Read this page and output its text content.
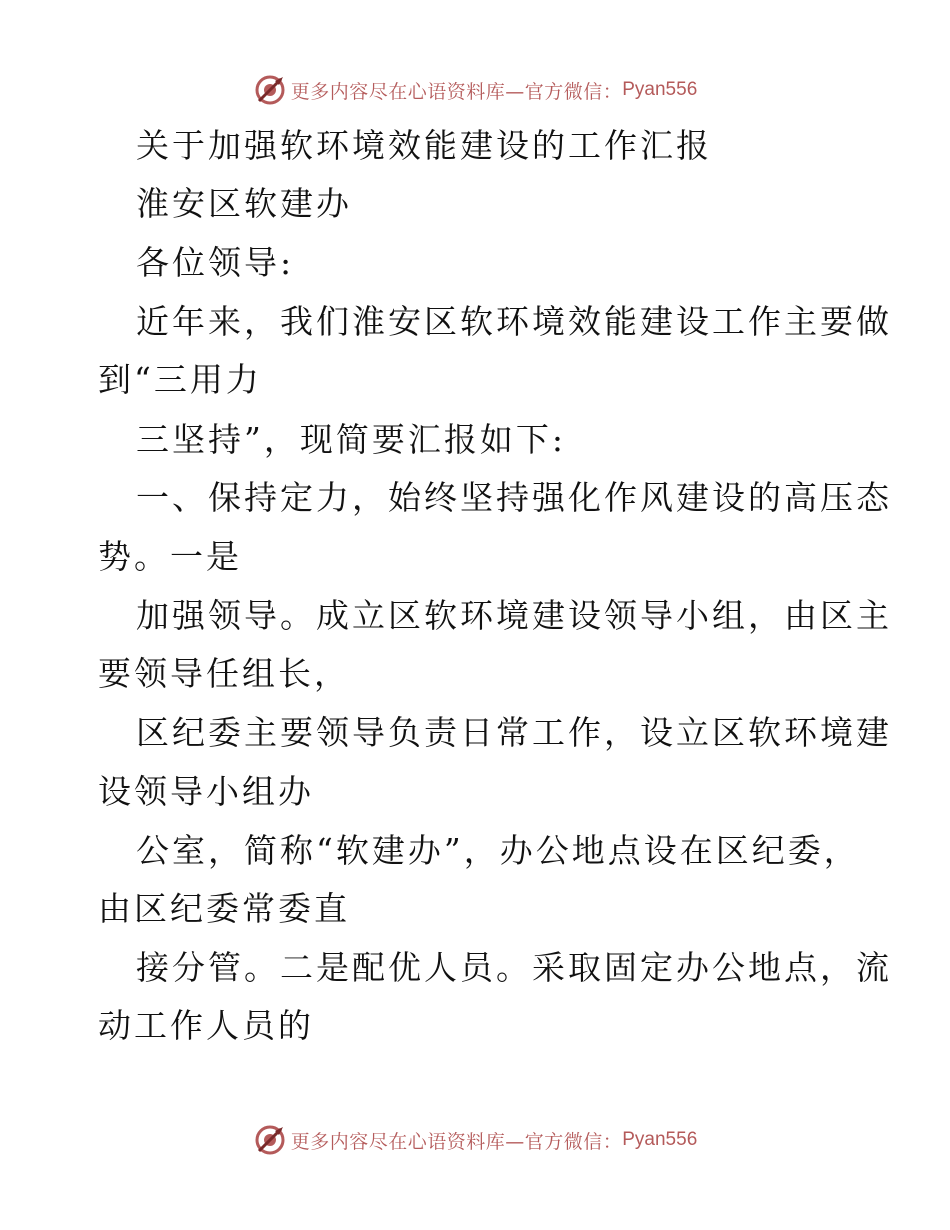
更多内容尽在心语资料库—官方微信： Pyan556
关于加强软环境效能建设的工作汇报
淮安区软建办
各位领导:
近年来，我们淮安区软环境效能建设工作主要做
到“三用力
三坚持”，现简要汇报如下:
一、保持定力，始终坚持强化作风建设的高压态
势。一是
加强领导。成立区软环境建设领导小组，由区主
要领导任组长，
区纪委主要领导负责日常工作，设立区软环境建
设领导小组办
公室，简称“软建办”，办公地点设在区纪委，
由区纪委常委直
接分管。二是配优人员。采取固定办公地点，流
动工作人员的
更多内容尽在心语资料库—官方微信： Pyan556
